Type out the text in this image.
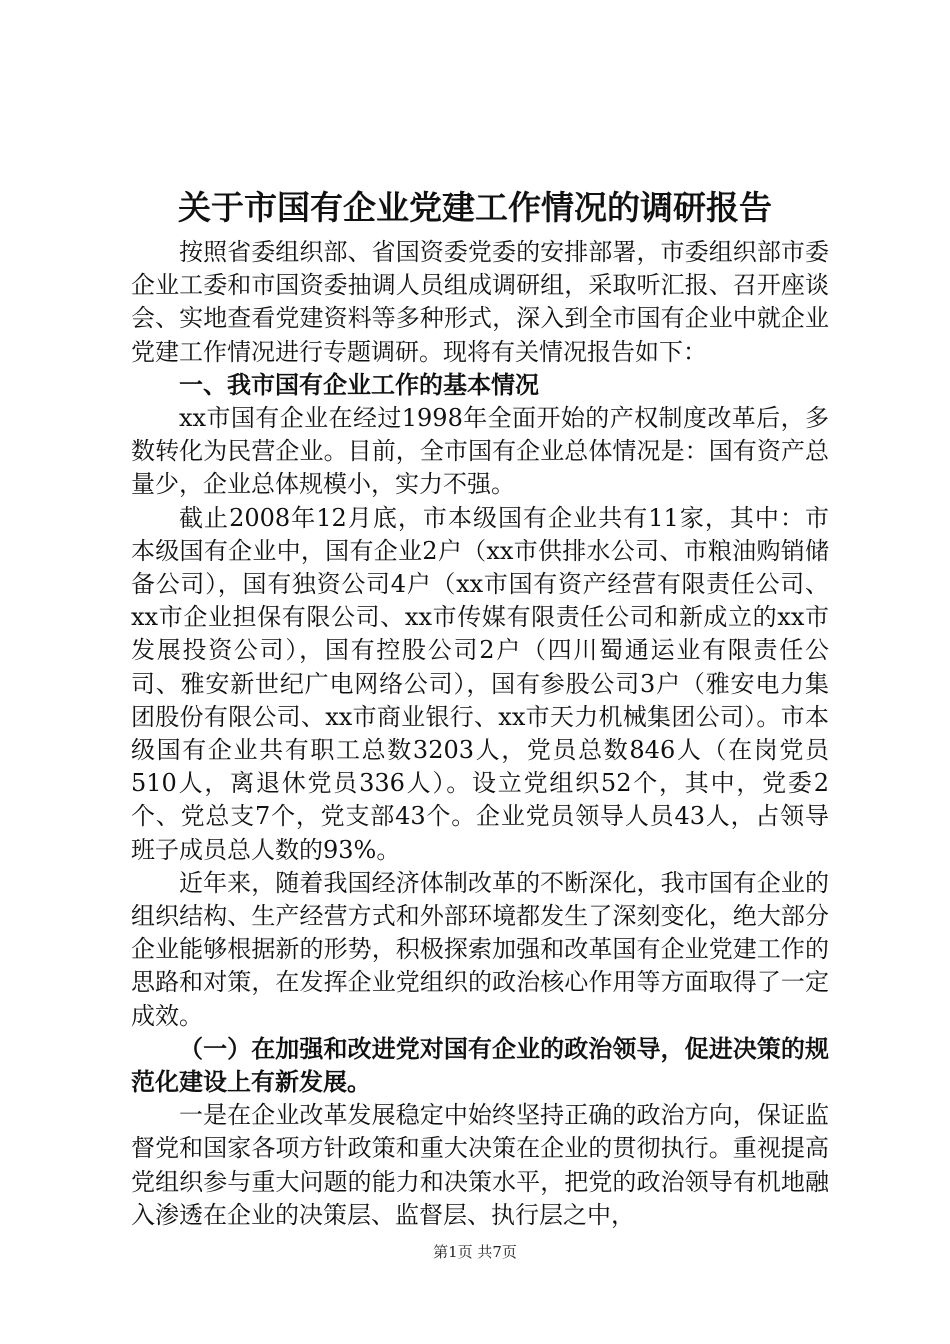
关于市国有企业党建工作情况的调研报告

按照省委组织部、省国资委党委的安排部署，市委组织部市委企业工委和市国资委抽调人员组成调研组，采取听汇报、召开座谈会、实地查看党建资料等多种形式，深入到全市国有企业中就企业党建工作情况进行专题调研。现将有关情况报告如下：

一、我市国有企业工作的基本情况

xx市国有企业在经过1998年全面开始的产权制度改革后，多数转化为民营企业。目前，全市国有企业总体情况是：国有资产总量少，企业总体规模小，实力不强。

截止2008年12月底，市本级国有企业共有11家，其中：市本级国有企业中，国有企业2户（xx市供排水公司、市粮油购销储备公司），国有独资公司4户（xx市国有资产经营有限责任公司、xx市企业担保有限公司、xx市传媒有限责任公司和新成立的xx市发展投资公司），国有控股公司2户（四川蜀通运业有限责任公司、雅安新世纪广电网络公司），国有参股公司3户（雅安电力集团股份有限公司、xx市商业银行、xx市天力机械集团公司）。市本级国有企业共有职工总数3203人，党员总数846人（在岗党员510人，离退休党员336人）。设立党组织52个，其中，党委2个、党总支7个，党支部43个。企业党员领导人员43人，占领导班子成员总人数的93%。

近年来，随着我国经济体制改革的不断深化，我市国有企业的组织结构、生产经营方式和外部环境都发生了深刻变化，绝大部分企业能够根据新的形势，积极探索加强和改革国有企业党建工作的思路和对策，在发挥企业党组织的政治核心作用等方面取得了一定成效。

（一）在加强和改进党对国有企业的政治领导，促进决策的规范化建设上有新发展。

一是在企业改革发展稳定中始终坚持正确的政治方向，保证监督党和国家各项方针政策和重大决策在企业的贯彻执行。重视提高党组织参与重大问题的能力和决策水平，把党的政治领导有机地融入渗透在企业的决策层、监督层、执行层之中，

第1页 共7页
